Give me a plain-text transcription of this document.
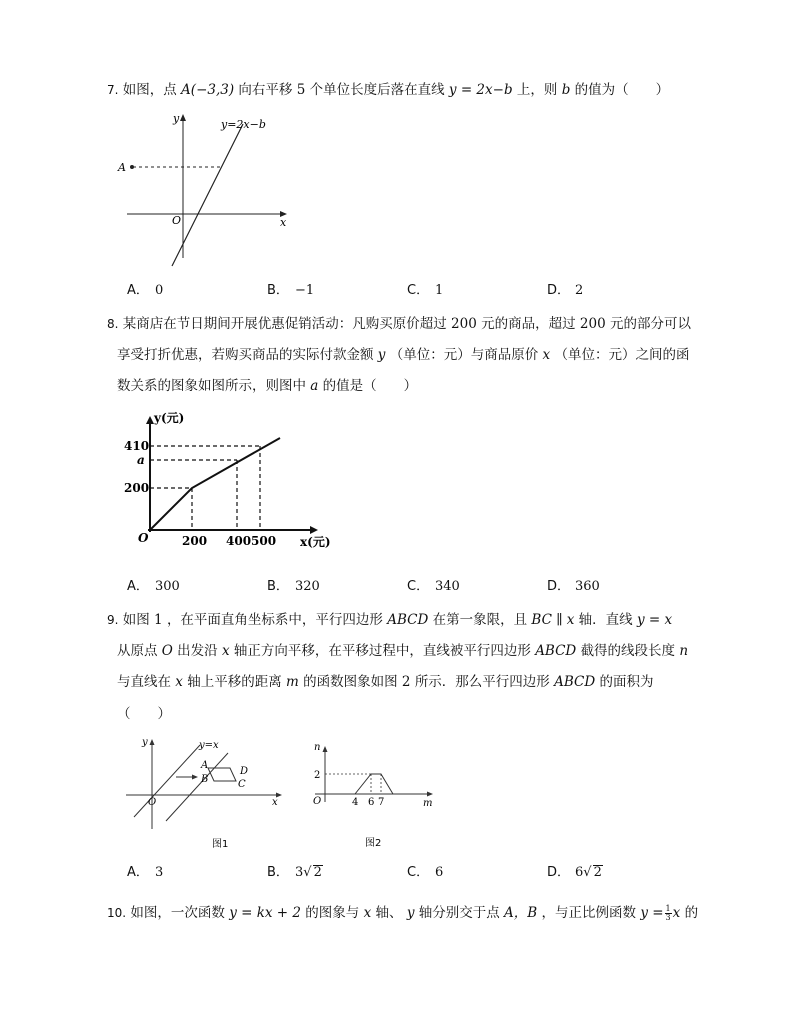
7. 如图，点 A(−3,3) 向右平移 5 个单位长度后落在直线 y = 2x−b 上，则 b 的值为（　　）
A
O
y
x
y=2x−b
A． 0	B． −1	C． 1	D． 2
8. 某商店在节日期间开展优惠促销活动：凡购买原价超过 200 元的商品，超过 200 元的部分可以
享受打折优惠，若购买商品的实际付款金额 y （单位：元）与商品原价 x （单位：元）之间的函
数关系的图象如图所示，则图中 a 的值是（　　）
y(元)
410
a
200
O	200 400 500 x(元)
A． 300	B． 320	C． 340	D． 360
9. 如图 1 ，在平面直角坐标系中，平行四边形 ABCD 在第一象限，且 BC ∥ x 轴．直线 y = x
从原点 O 出发沿 x 轴正方向平移，在平移过程中，直线被平行四边形 ABCD 截得的线段长度 n
与直线在 x 轴上平移的距离 m 的函数图象如图 2 所示．那么平行四边形 ABCD 的面积为
（　　）
y	y=x
A
B
D
C
O	x
图1
n
2
O	4 6 7	m
图2
A． 3	B． 3√ 2	C． 6	D． 6√ 2
10. 如图，一次函数 y = kx + 2 的图象与 x 轴、 y 轴分别交于点 A，B ，与正比例函数 $y = \frac{1}{3}$ x 的
